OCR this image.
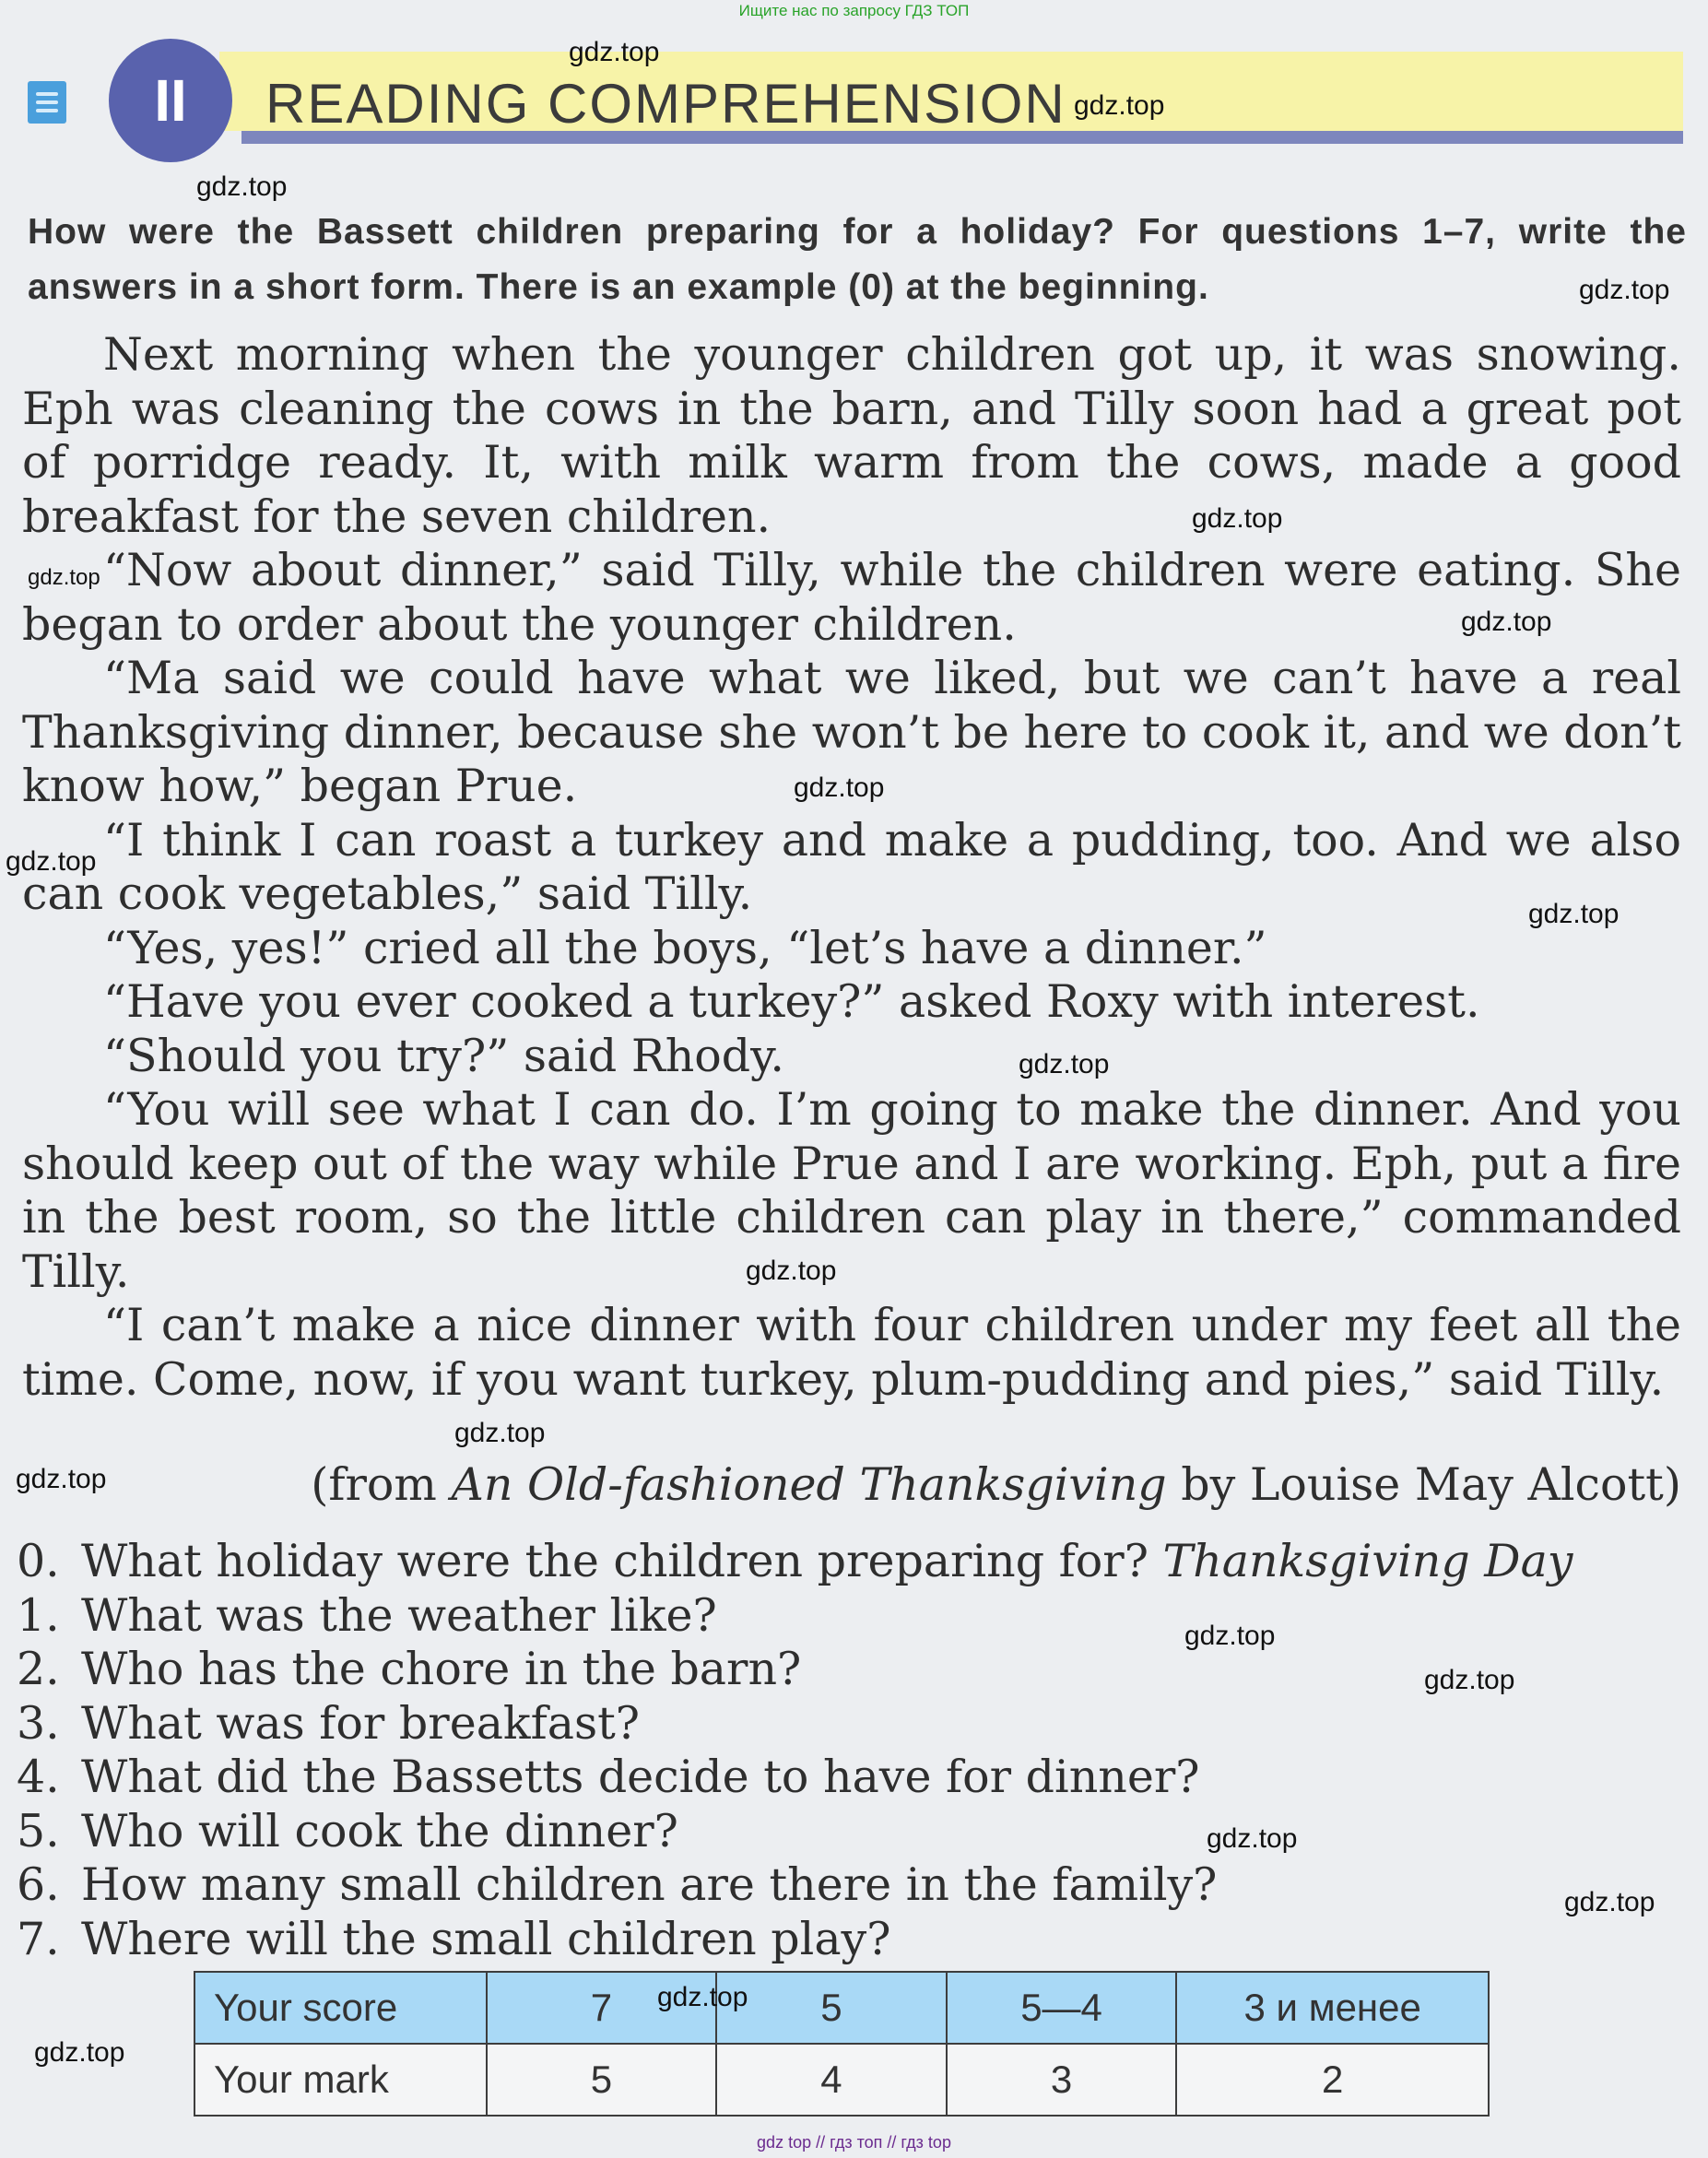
Ищите нас по запросу ГДЗ ТОП
II	READING COMPREHENSION
How were the Bassett children preparing for a holiday? For questions 1–7, write the answers in a short form. There is an example (0) at the beginning.

Next morning when the younger children got up, it was snowing. Eph was cleaning the cows in the barn, and Tilly soon had a great pot of porridge ready. It, with milk warm from the cows, made a good breakfast for the seven children.

“Now about dinner,” said Tilly, while the children were eating. She began to order about the younger children.

“Ma said we could have what we liked, but we can’t have a real Thanksgiving dinner, because she won’t be here to cook it, and we don’t know how,” began Prue.

“I think I can roast a turkey and make a pudding, too. And we also can cook vegetables,” said Tilly.

“Yes, yes!” cried all the boys, “let’s have a dinner.”

“Have you ever cooked a turkey?” asked Roxy with interest.

“Should you try?” said Rhody.

“You will see what I can do. I’m going to make the dinner. And you should keep out of the way while Prue and I are working. Eph, put a fire in the best room, so the little children can play in there,” commanded Tilly.

“I can’t make a nice dinner with four children under my feet all the time. Come, now, if you want turkey, plum-pudding and pies,” said Tilly.

(from An Old-fashioned Thanksgiving by Louise May Alcott)
0. What holiday were the children preparing for? Thanksgiving Day
1. What was the weather like?
2. Who has the chore in the barn?
3. What was for breakfast?
4. What did the Bassetts decide to have for dinner?
5. Who will cook the dinner?
6. How many small children are there in the family?
7. Where will the small children play?
Your score	7	5	5—4	3 и менее
Your mark	5	4	3	2
gdz.top
gdz.top
gdz.top
gdz.top
gdz.top
gdz.top
gdz.top
gdz.top
gdz.top
gdz.top
gdz.top
gdz.top
gdz.top
gdz.top
gdz.top
gdz.top
gdz.top
gdz.top
gdz.top
gdz.top
gdz top // гдз топ // гдз top
